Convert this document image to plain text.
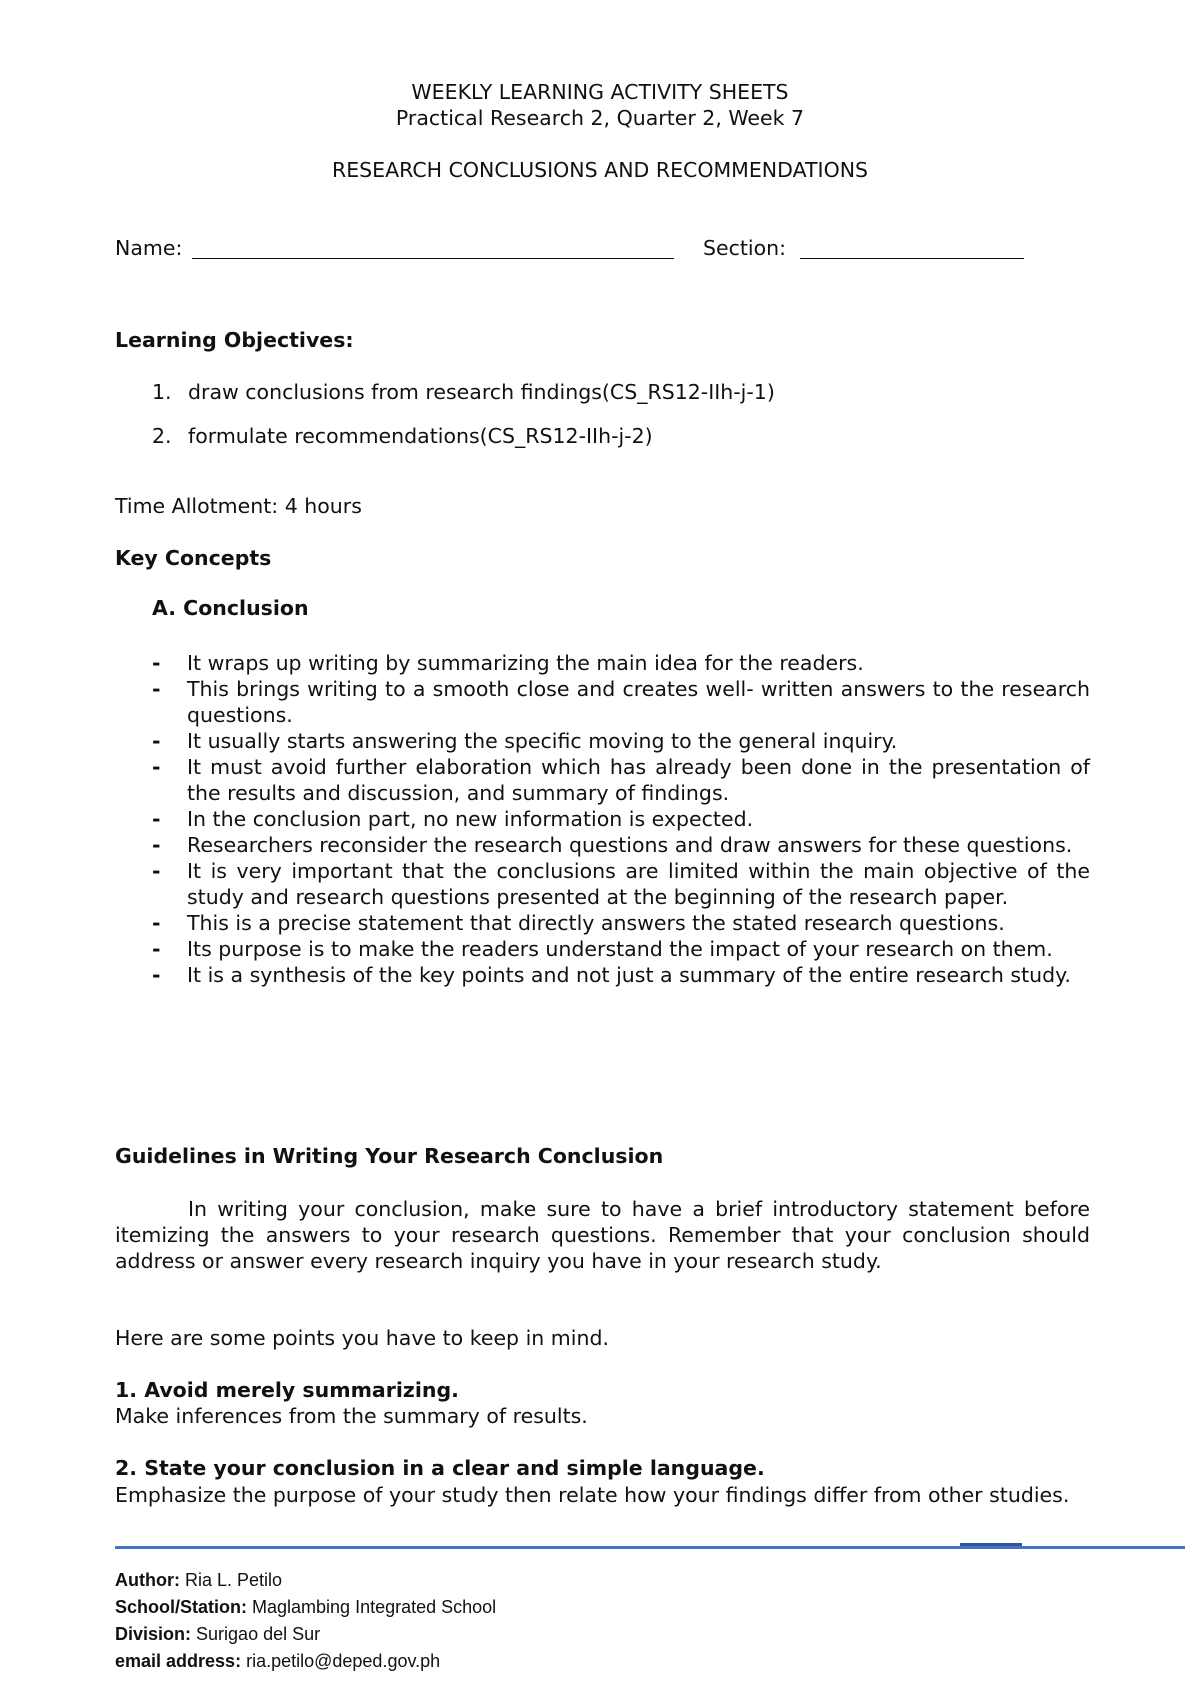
WEEKLY LEARNING ACTIVITY SHEETS

Practical Research 2, Quarter 2, Week 7

RESEARCH CONCLUSIONS AND RECOMMENDATIONS

Name:	Section:

Learning Objectives:

1. draw conclusions from research findings(CS_RS12-IIh-j-1)

2. formulate recommendations(CS_RS12-IIh-j-2)

Time Allotment: 4 hours

Key Concepts

A. Conclusion

- It wraps up writing by summarizing the main idea for the readers.
- This brings writing to a smooth close and creates well- written answers to the research questions.
- It usually starts answering the specific moving to the general inquiry.
- It must avoid further elaboration which has already been done in the presentation of the results and discussion, and summary of findings.
- In the conclusion part, no new information is expected.
- Researchers reconsider the research questions and draw answers for these questions.
- It is very important that the conclusions are limited within the main objective of the study and research questions presented at the beginning of the research paper.
- This is a precise statement that directly answers the stated research questions.
- Its purpose is to make the readers understand the impact of your research on them.
- It is a synthesis of the key points and not just a summary of the entire research study.

Guidelines in Writing Your Research Conclusion

In writing your conclusion, make sure to have a brief introductory statement before itemizing the answers to your research questions. Remember that your conclusion should address or answer every research inquiry you have in your research study.

Here are some points you have to keep in mind.

1. Avoid merely summarizing.

Make inferences from the summary of results.

2. State your conclusion in a clear and simple language.

Emphasize the purpose of your study then relate how your findings differ from other studies.

Author: Ria L. Petilo

School/Station: Maglambing Integrated School

Division: Surigao del Sur

email address: ria.petilo@deped.gov.ph
